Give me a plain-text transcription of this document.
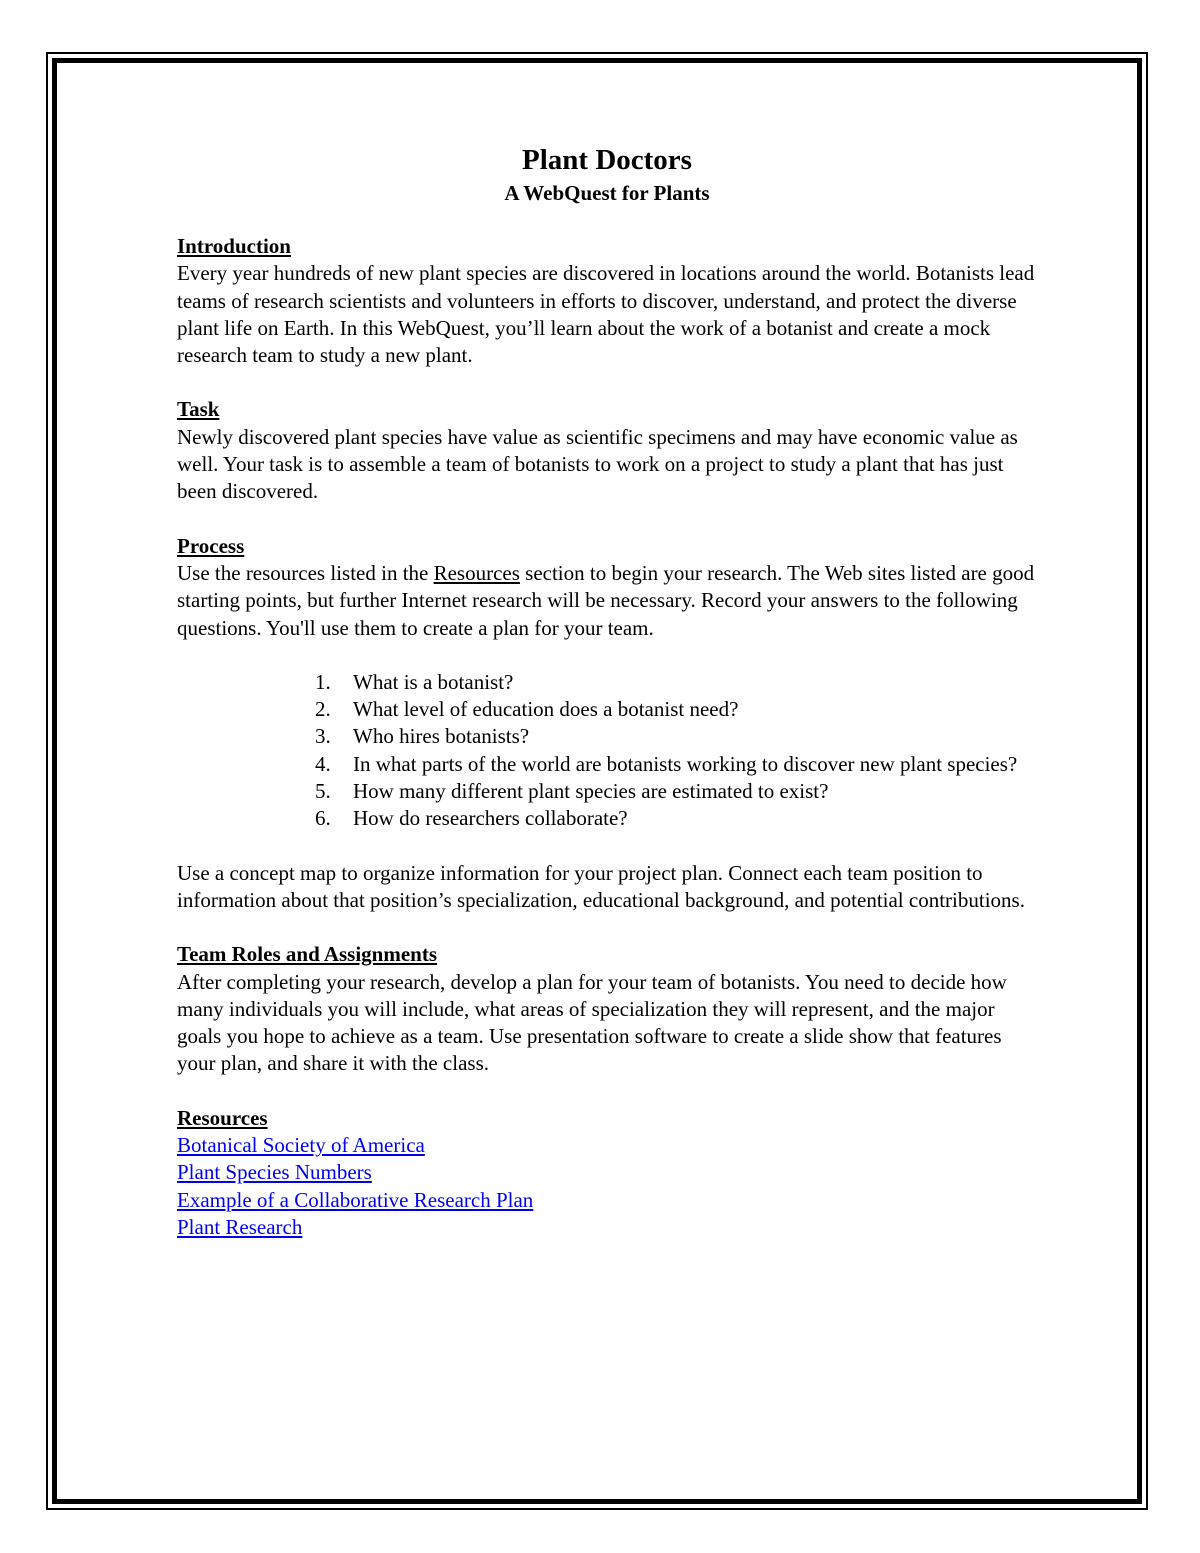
Plant Doctors
A WebQuest for Plants

Introduction

Every year hundreds of new plant species are discovered in locations around the world. Botanists lead teams of research scientists and volunteers in efforts to discover, understand, and protect the diverse plant life on Earth. In this WebQuest, you’ll learn about the work of a botanist and create a mock research team to study a new plant.

Task

Newly discovered plant species have value as scientific specimens and may have economic value as well. Your task is to assemble a team of botanists to work on a project to study a plant that has just been discovered.

Process

Use the resources listed in the Resources section to begin your research. The Web sites listed are good starting points, but further Internet research will be necessary. Record your answers to the following questions. You'll use them to create a plan for your team.

1.	What is a botanist?
2.	What level of education does a botanist need?
3.	Who hires botanists?
4.	In what parts of the world are botanists working to discover new plant species?
5.	How many different plant species are estimated to exist?
6.	How do researchers collaborate?

Use a concept map to organize information for your project plan. Connect each team position to information about that position’s specialization, educational background, and potential contributions.

Team Roles and Assignments

After completing your research, develop a plan for your team of botanists. You need to decide how many individuals you will include, what areas of specialization they will represent, and the major goals you hope to achieve as a team. Use presentation software to create a slide show that features your plan, and share it with the class.

Resources

Botanical Society of America
Plant Species Numbers
Example of a Collaborative Research Plan
Plant Research
